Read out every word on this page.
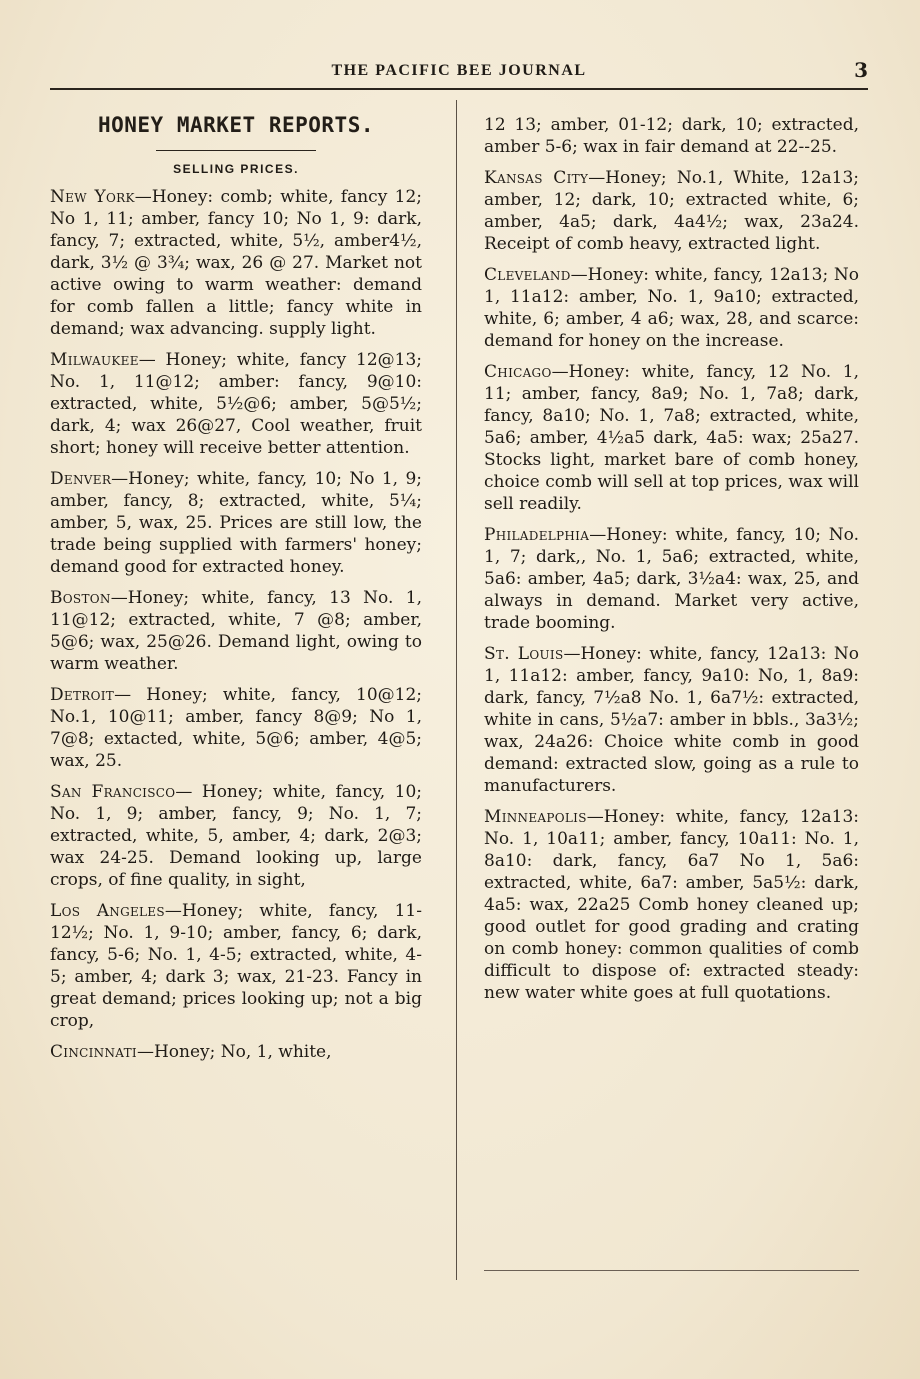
THE PACIFIC BEE JOURNAL	3
HONEY MARKET REPORTS.
SELLING PRICES.

New York—Honey: comb; white, fancy 12; No 1, 11; amber, fancy 10; No 1, 9: dark, fancy, 7; extracted, white, 5½, amber4½, dark, 3½ @ 3¾; wax, 26 @ 27. Market not active owing to warm weather: demand for comb fallen a little; fancy white in demand; wax advancing. supply light.

Milwaukee— Honey; white, fancy 12@13; No. 1, 11@12; amber: fancy, 9@10: extracted, white, 5½@6; amber, 5@5½; dark, 4; wax 26@27, Cool weather, fruit short; honey will receive better attention.

Denver—Honey; white, fancy, 10; No 1, 9; amber, fancy, 8; extracted, white, 5¼; amber, 5, wax, 25. Prices are still low, the trade being supplied with farmers' honey; demand good for extracted honey.

Boston—Honey; white, fancy, 13 No. 1, 11@12; extracted, white, 7 @8; amber, 5@6; wax, 25@26. Demand light, owing to warm weather.

Detroit— Honey; white, fancy, 10@12; No.1, 10@11; amber, fancy 8@9; No 1, 7@8; extacted, white, 5@6; amber, 4@5; wax, 25.

San Francisco— Honey; white, fancy, 10; No. 1, 9; amber, fancy, 9; No. 1, 7; extracted, white, 5, amber, 4; dark, 2@3; wax 24-25. Demand looking up, large crops, of fine quality, in sight,

Los Angeles—Honey; white, fancy, 11-12½; No. 1, 9-10; amber, fancy, 6; dark, fancy, 5-6; No. 1, 4-5; extracted, white, 4-5; amber, 4; dark 3; wax, 21-23. Fancy in great demand; prices looking up; not a big crop,

Cincinnati—Honey; No, 1, white,

12 13; amber, 01-12; dark, 10; extracted, amber 5-6; wax in fair demand at 22--25.

Kansas City—Honey; No.1, White, 12a13; amber, 12; dark, 10; extracted white, 6; amber, 4a5; dark, 4a4½; wax, 23a24. Receipt of comb heavy, extracted light.

Cleveland—Honey: white, fancy, 12a13; No 1, 11a12: amber, No. 1, 9a10; extracted, white, 6; amber, 4 a6; wax, 28, and scarce: demand for honey on the increase.

Chicago—Honey: white, fancy, 12 No. 1, 11; amber, fancy, 8a9; No. 1, 7a8; dark, fancy, 8a10; No. 1, 7a8; extracted, white, 5a6; amber, 4½a5 dark, 4a5: wax; 25a27. Stocks light, market bare of comb honey, choice comb will sell at top prices, wax will sell readily.

Philadelphia—Honey: white, fancy, 10; No. 1, 7; dark,, No. 1, 5a6; extracted, white, 5a6: amber, 4a5; dark, 3½a4: wax, 25, and always in demand. Market very active, trade booming.

St. Louis—Honey: white, fancy, 12a13: No 1, 11a12: amber, fancy, 9a10: No, 1, 8a9: dark, fancy, 7½a8 No. 1, 6a7½: extracted, white in cans, 5½a7: amber in bbls., 3a3½; wax, 24a26: Choice white comb in good demand: extracted slow, going as a rule to manufacturers.

Minneapolis—Honey: white, fancy, 12a13: No. 1, 10a11; amber, fancy, 10a11: No. 1, 8a10: dark, fancy, 6a7 No 1, 5a6: extracted, white, 6a7: amber, 5a5½: dark, 4a5: wax, 22a25 Comb honey cleaned up; good outlet for good grading and crating on comb honey: common qualities of comb difficult to dispose of: extracted steady: new water white goes at full quotations.
